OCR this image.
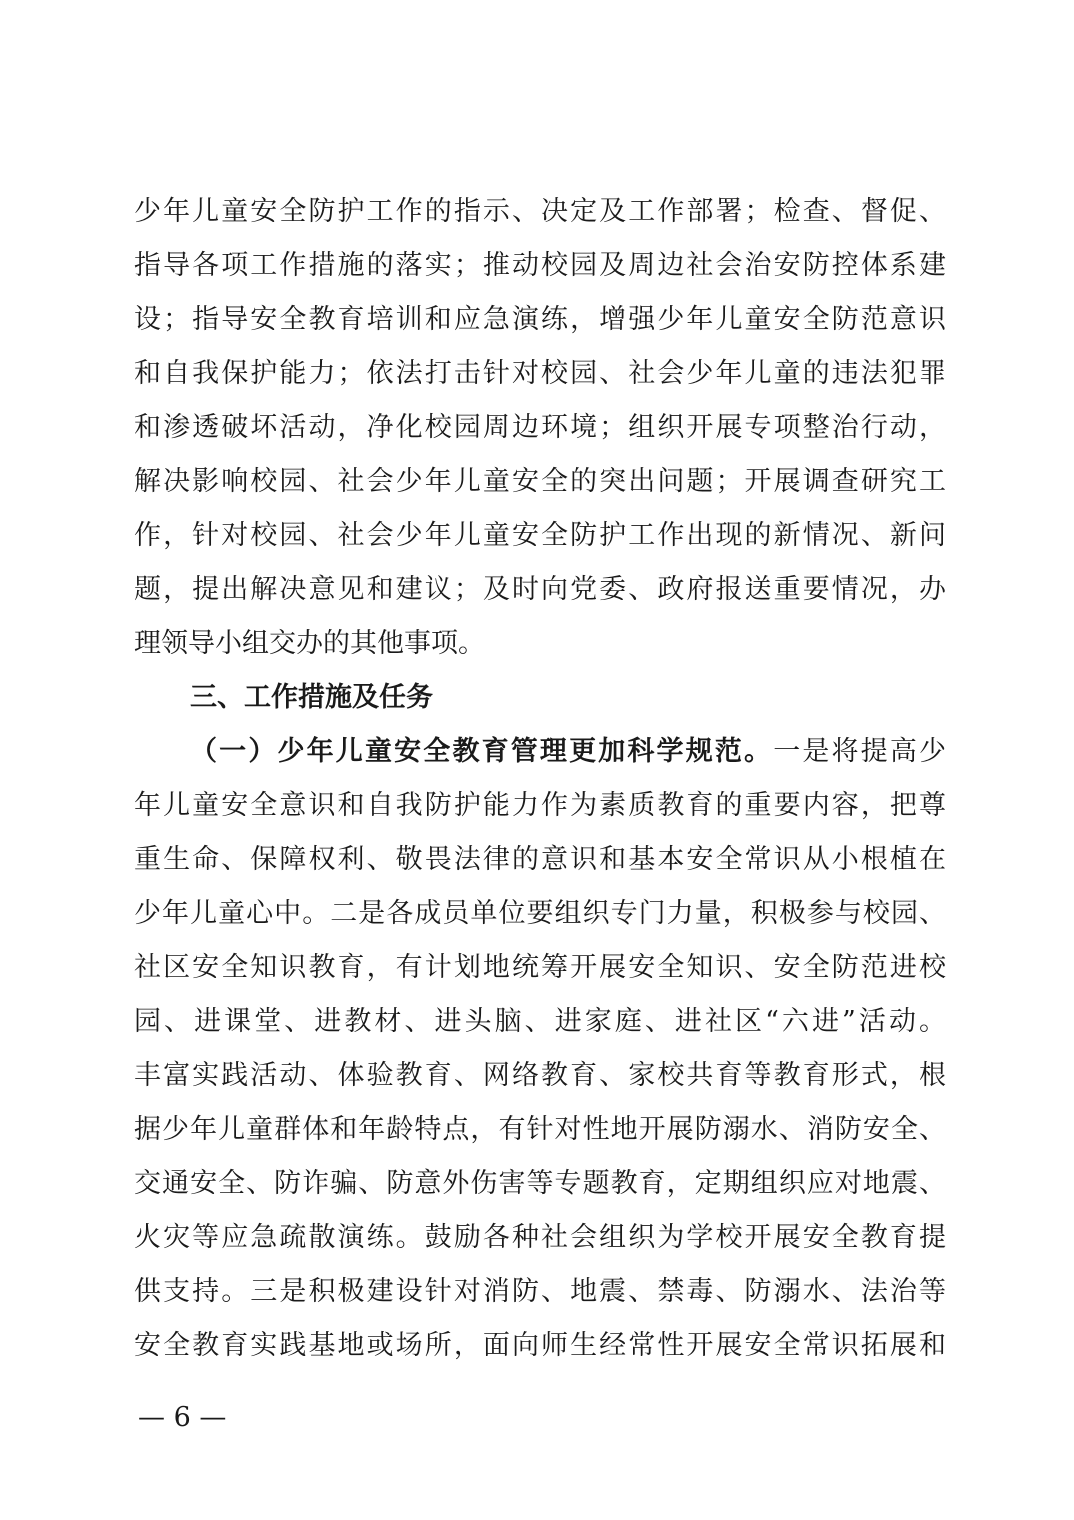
少年儿童安全防护工作的指示、决定及工作部署；检查、督促、
指导各项工作措施的落实；推动校园及周边社会治安防控体系建
设；指导安全教育培训和应急演练，增强少年儿童安全防范意识
和自我保护能力；依法打击针对校园、社会少年儿童的违法犯罪
和渗透破坏活动，净化校园周边环境；组织开展专项整治行动，
解决影响校园、社会少年儿童安全的突出问题；开展调查研究工
作，针对校园、社会少年儿童安全防护工作出现的新情况、新问
题，提出解决意见和建议；及时向党委、政府报送重要情况，办
理领导小组交办的其他事项。
三、工作措施及任务
（一）少年儿童安全教育管理更加科学规范。一是将提高少
年儿童安全意识和自我防护能力作为素质教育的重要内容，把尊
重生命、保障权利、敬畏法律的意识和基本安全常识从小根植在
少年儿童心中。二是各成员单位要组织专门力量，积极参与校园、
社区安全知识教育，有计划地统筹开展安全知识、安全防范进校
园、进课堂、进教材、进头脑、进家庭、进社区“六进”活动。
丰富实践活动、体验教育、网络教育、家校共育等教育形式，根
据少年儿童群体和年龄特点，有针对性地开展防溺水、消防安全、
交通安全、防诈骗、防意外伤害等专题教育，定期组织应对地震、
火灾等应急疏散演练。鼓励各种社会组织为学校开展安全教育提
供支持。三是积极建设针对消防、地震、禁毒、防溺水、法治等
安全教育实践基地或场所，面向师生经常性开展安全常识拓展和
— 6 —
